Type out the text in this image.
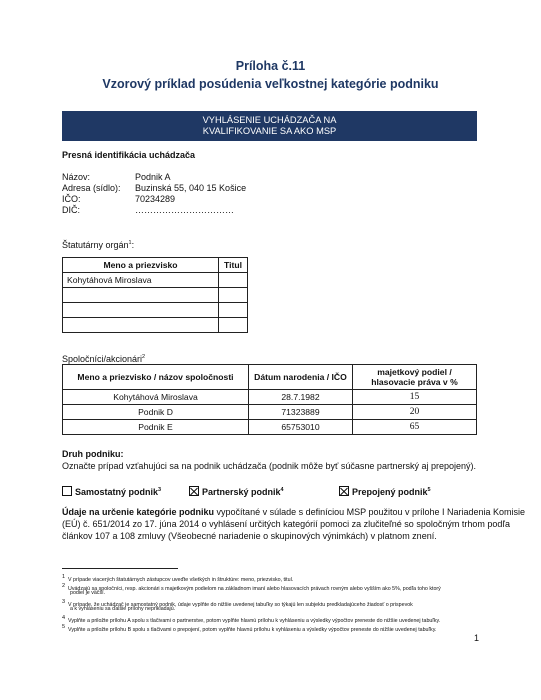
Príloha č.11
Vzorový príklad posúdenia veľkostnej kategórie podniku
VYHLÁSENIE UCHÁDZAČA NA
KVALIFIKOVANIE SA AKO MSP
Presná identifikácia uchádzača
Názov:	Podnik A
Adresa (sídlo): Buzinská 55, 040 15 Košice
IČO:	70234289
DIČ:	……………………………
Štatutárny orgán$^1$:
Meno a priezvisko	Titul
Kohytáhová Miroslava	

Spoločníci/akcionári$^2$
Meno a priezvisko / názov spoločnosti	Dátum narodenia / IČO	majetkový podiel / hlasovacie práva v %
Kohytáhová Miroslava	28.7.1982	15
Podnik D	71323889	20
Podnik E	65753010	65
Druh podniku:
Označte prípad vzťahujúci sa na podnik uchádzača (podnik môže byť súčasne partnerský aj prepojený).
Samostatný podnik$^3$	Partnerský podnik$^4$	Prepojený podnik$^5$
Údaje na určenie kategórie podniku vypočítané v súlade s definíciou MSP použitou v prílohe I Nariadenia Komisie
(EÚ) č. 651/2014 zo 17. júna 2014 o vyhlásení určitých kategórií pomoci za zlučiteľné so spoločným trhom podľa
článkov 107 a 108 zmluvy (Všeobecné nariadenie o skupinových výnimkách) v platnom znení.
$^1$ V prípade viacerých štatutárnych zástupcov uveďte všetkých in štruktúre: meno, priezvisko, titul.
$^2$ Uvádzajú sa spoločníci, resp. akcionári s majetkovým podielom na základnom imaní alebo hlasovacích právach rovným alebo vyšším ako 5%, podľa toho ktorý
podiel je väčší.
$^3$ V prípade, že uchádzač je samostatný podnik, údaje vyplňte do nižšie uvedenej tabuľky so týkajú len subjektu predkladajúceho žiadosť o prispevok
a k vyhláseniu sa ďalšie prílohy neprikladajú.
$^4$ Vyplňte a priložte prílohu A spolu s tlačivami o partnerstve, potom vyplňte hlavnú prílohu k vyhláseniu a výsledky výpočtov preneste do nižšie uvedenej tabuľky.
$^5$ Vyplňte a priložte prílohu B spolu s tlačivami o prepojení, potom vyplňte hlavnú prílohu k vyhláseniu a výsledky výpočtov preneste do nižšie uvedenej tabuľky.
1
